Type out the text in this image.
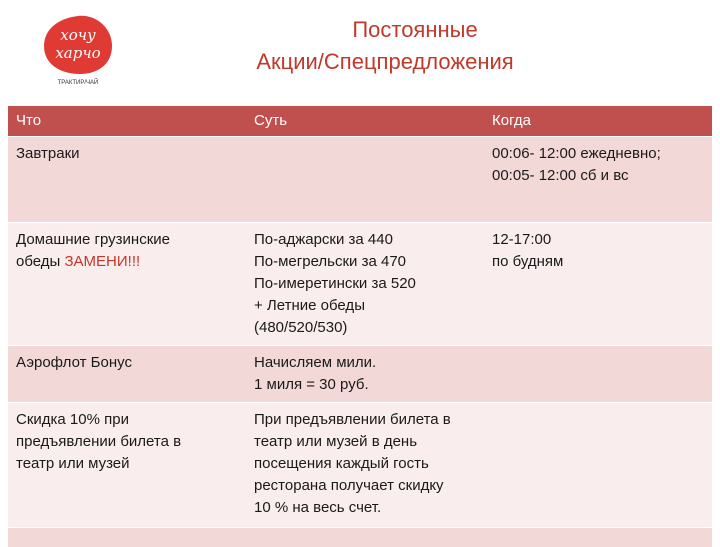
хочу
харчо
ТРАКТИР/ЧАЙ
Постоянные
Акции/Спецпредложения
Что	Суть	Когда
Завтраки		00:06- 12:00 ежедневно;
00:05- 12:00 сб и вс
Домашние грузинские
обеды ЗАМЕНИ!!!	По-аджарски за 440
По-мегрельски за 470
По-имеретински за 520
+ Летние обеды
(480/520/530)	12-17:00
по будням
Аэрофлот Бонус	Начисляем мили.
1 миля = 30 руб.	
Скидка 10% при
предъявлении билета в
театр или музей	При предъявлении билета в
театр или музей в день
посещения каждый гость
ресторана получает скидку
10 % на весь счет.	
